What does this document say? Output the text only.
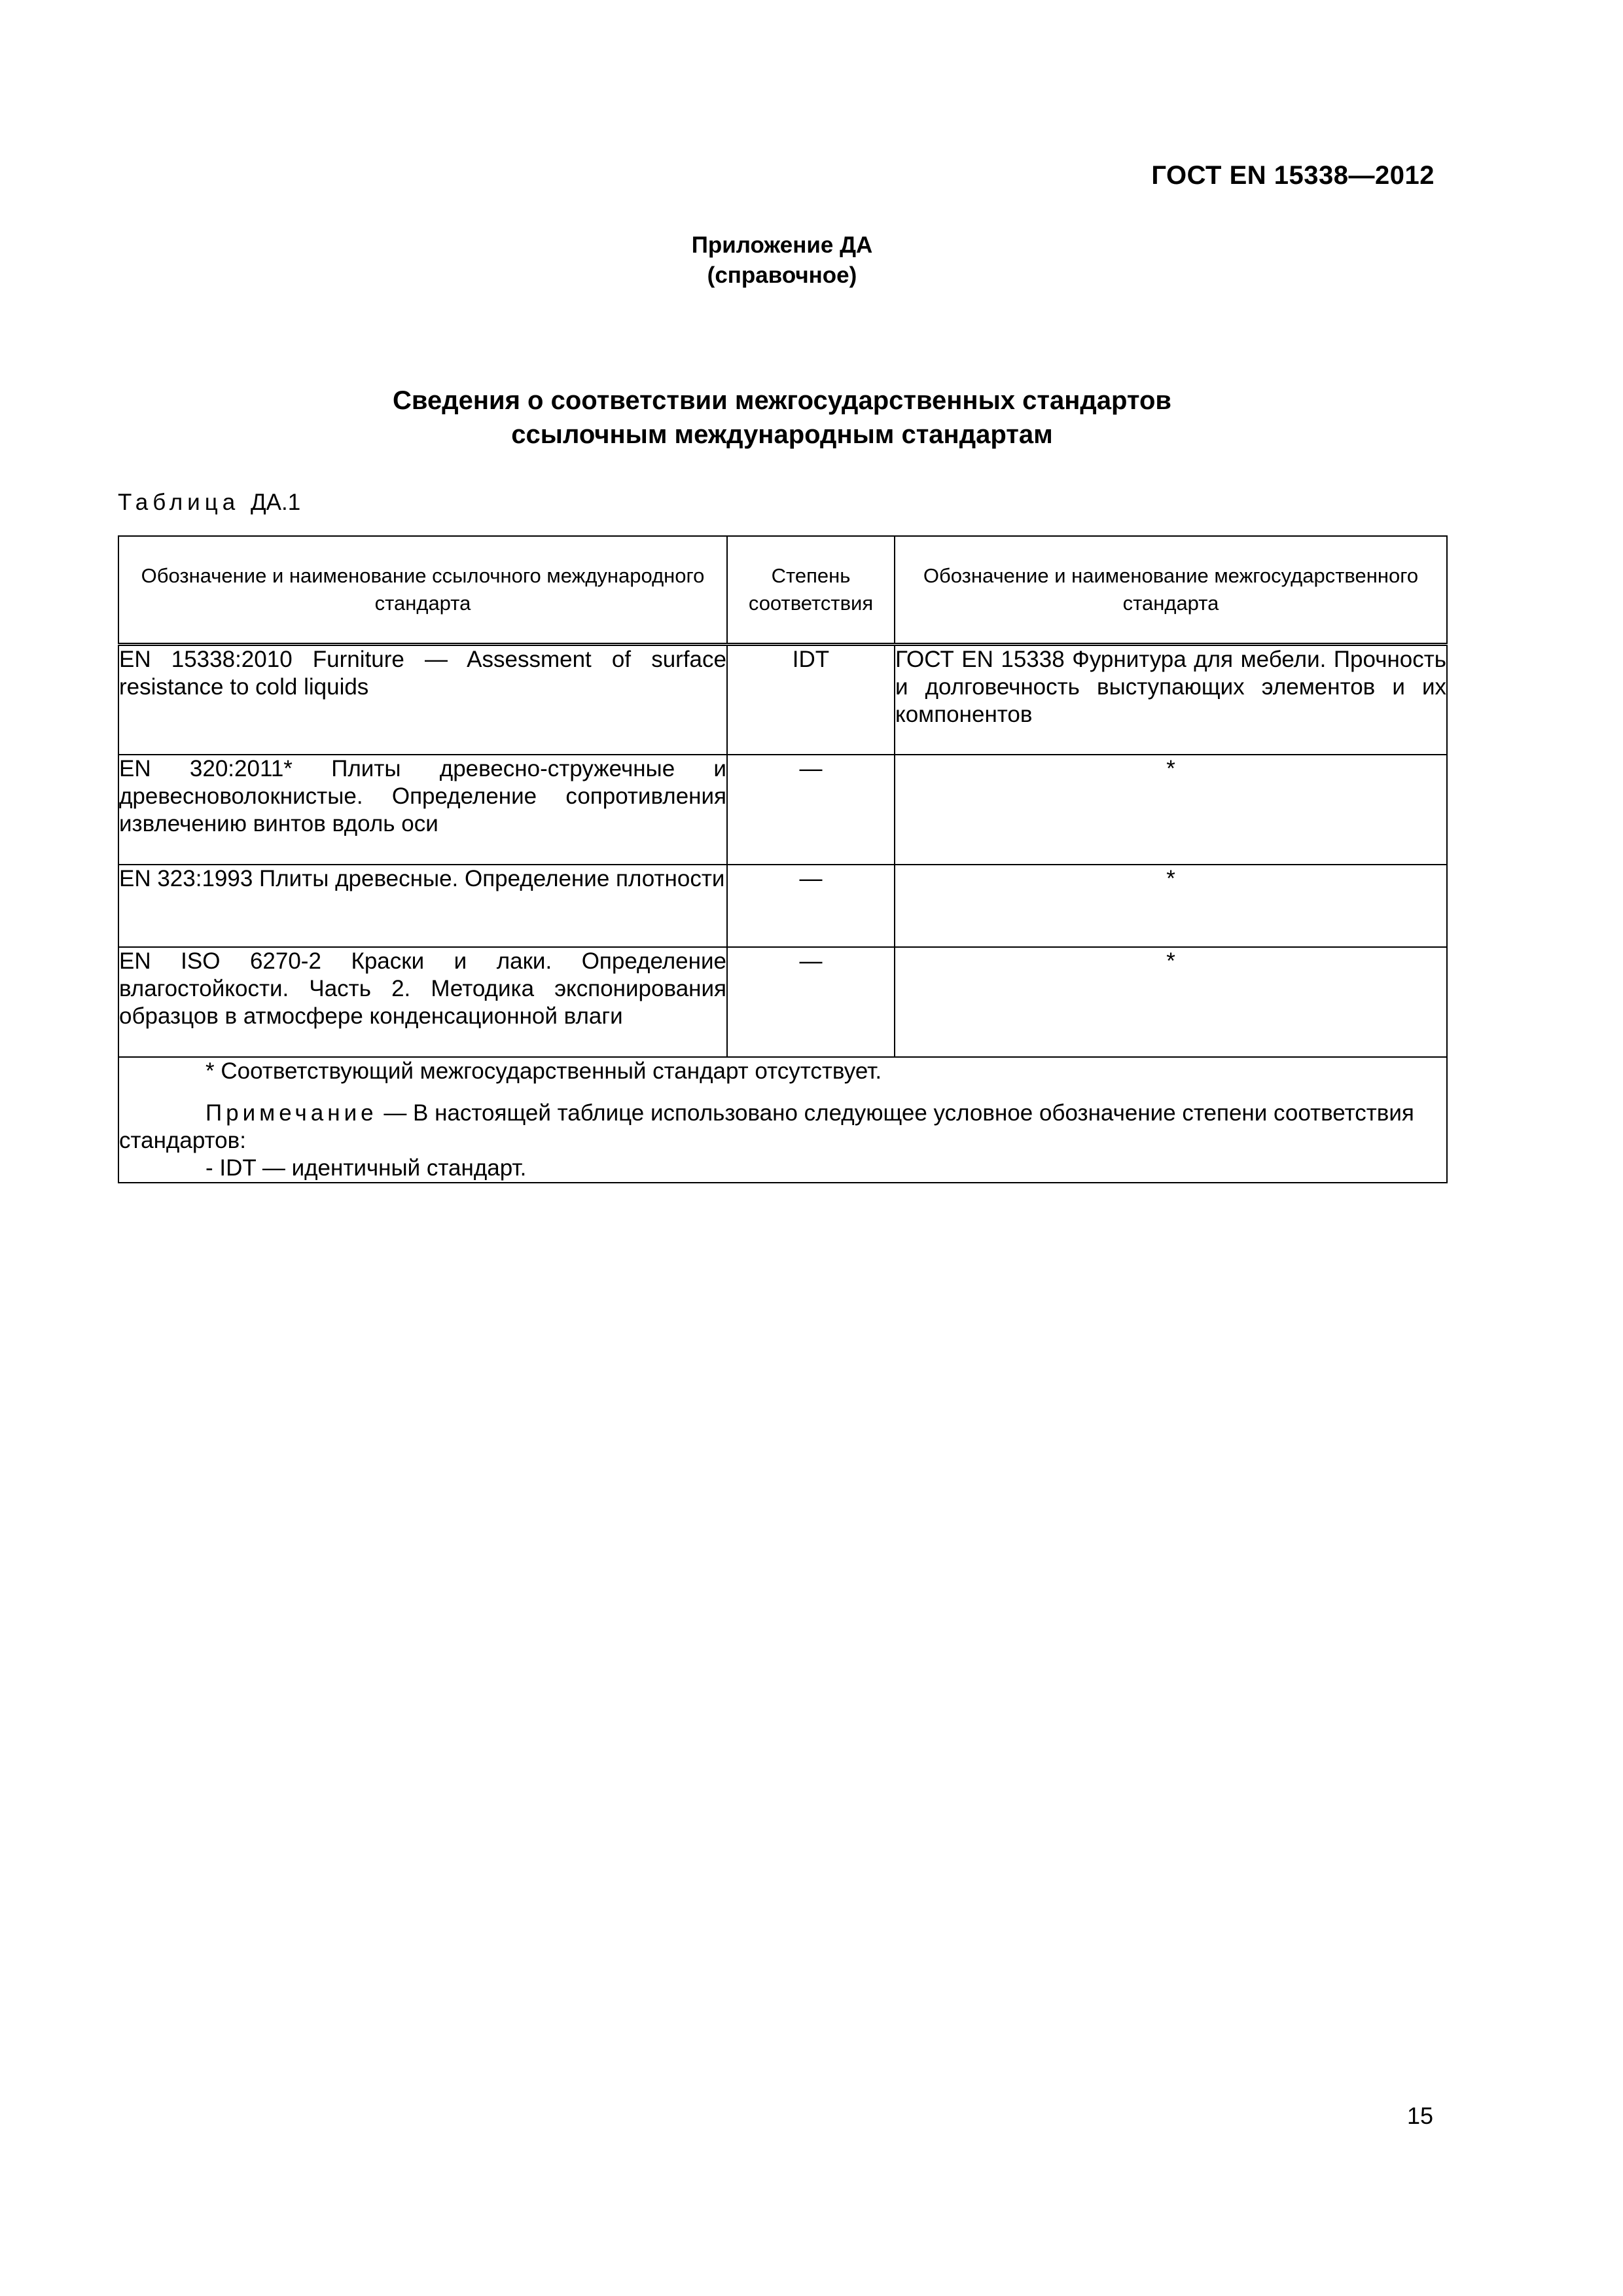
ГОСТ EN 15338—2012
Приложение ДА
(справочное)
Сведения о соответствии межгосударственных стандартов
ссылочным международным стандартам
Таблица ДА.1
Обозначение и наименование ссылочного международного стандарта	Степень соответствия	Обозначение и наименование межгосударственного стандарта
EN 15338:2010 Furniture — Assessment of surface resistance to cold liquids	IDT	ГОСТ EN 15338 Фурнитура для мебели. Прочность и долговечность выступающих элементов и их компонентов
EN 320:2011* Плиты древесно-стружечные и древесноволокнистые. Определение сопротивления извлечению винтов вдоль оси	—	*
EN 323:1993 Плиты древесные. Определение плотности	—	*
EN ISO 6270-2 Краски и лаки. Определение влагостойкости. Часть 2. Методика экспонирования образцов в атмосфере конденсационной влаги	—	*

* Соответствующий межгосударственный стандарт отсутствует.

Примечание — В настоящей таблице использовано следующее условное обозначение степени соответствия стандартов:

- IDT — идентичный стандарт.		

15
